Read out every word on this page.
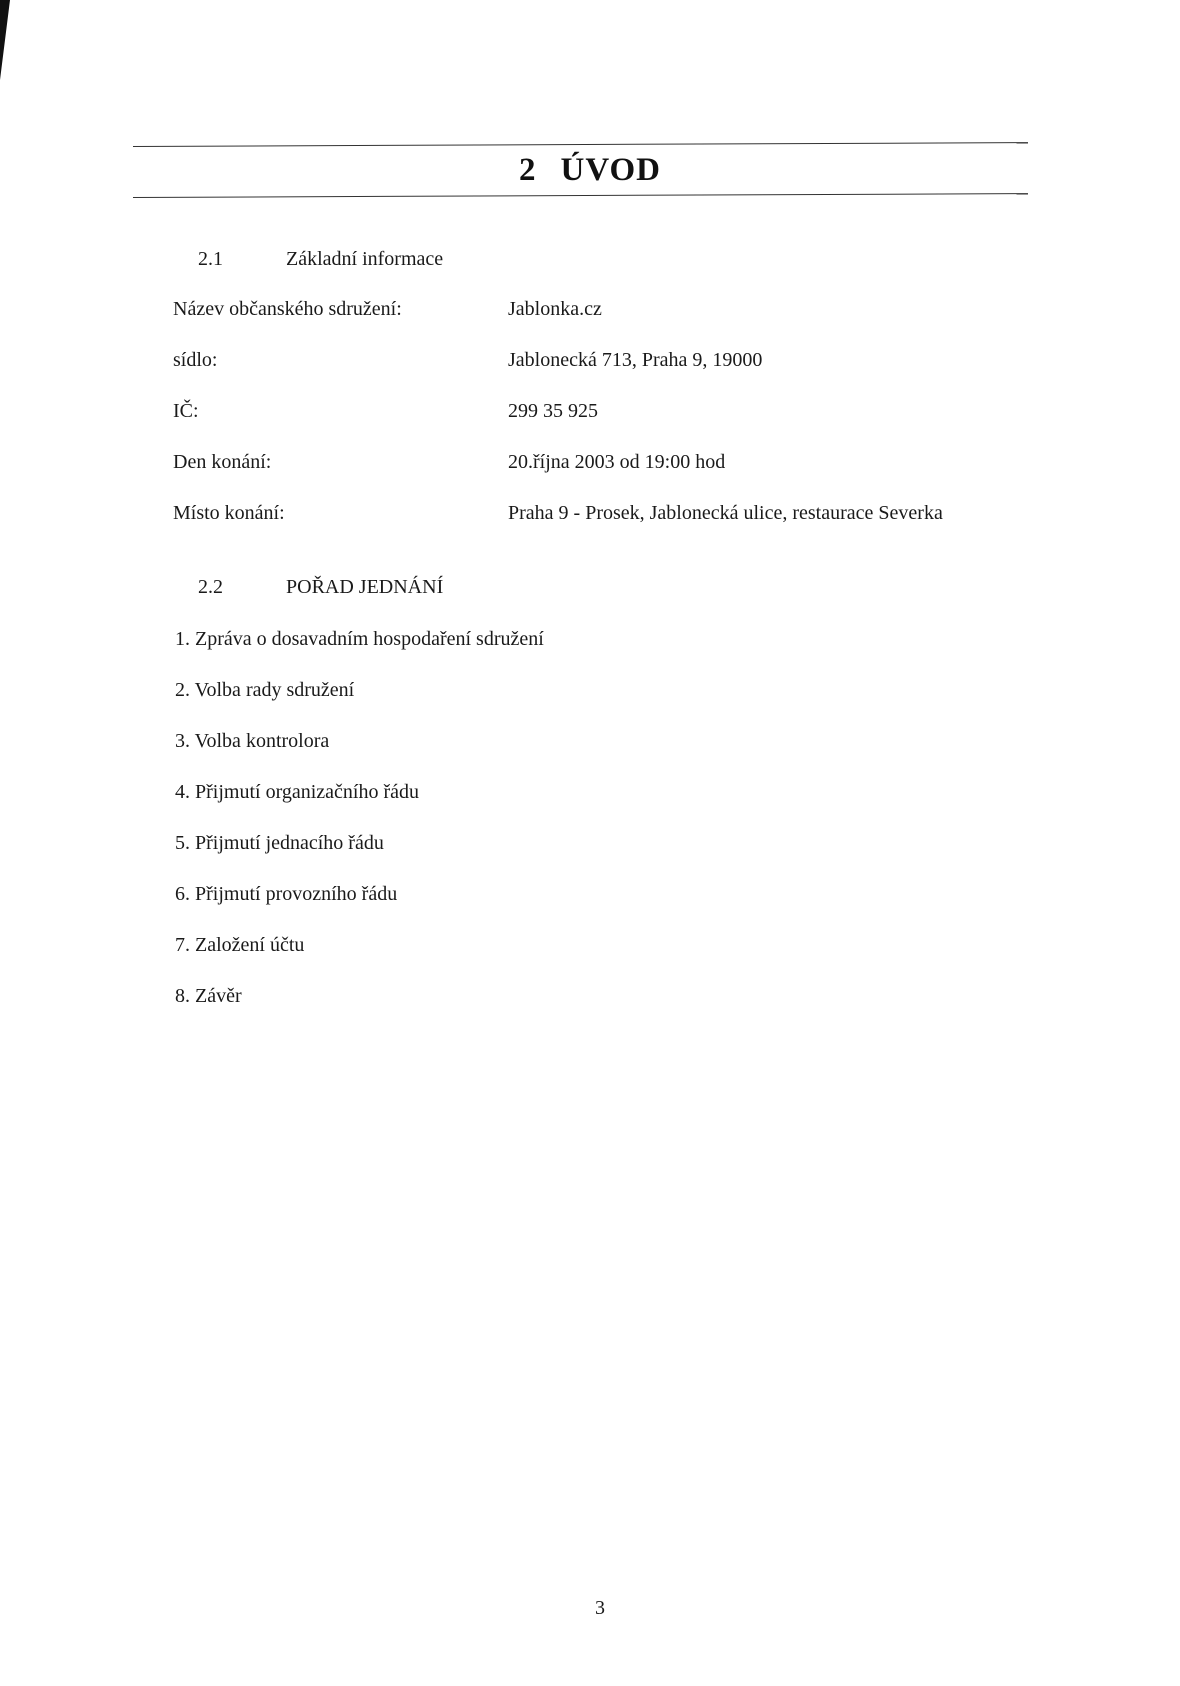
2 ÚVOD
2.1	Základní informace
Název občanského sdružení:	Jablonka.cz
sídlo:	Jablonecká 713, Praha 9, 19000
IČ:	299 35 925
Den konání:	20.října 2003 od 19:00 hod
Místo konání:	Praha 9 - Prosek, Jablonecká ulice, restaurace Severka
2.2	POŘAD JEDNÁNÍ
1. Zpráva o dosavadním hospodaření sdružení
2. Volba rady sdružení
3. Volba kontrolora
4. Přijmutí organizačního řádu
5. Přijmutí jednacího řádu
6. Přijmutí provozního řádu
7. Založení účtu
8. Závěr
3
